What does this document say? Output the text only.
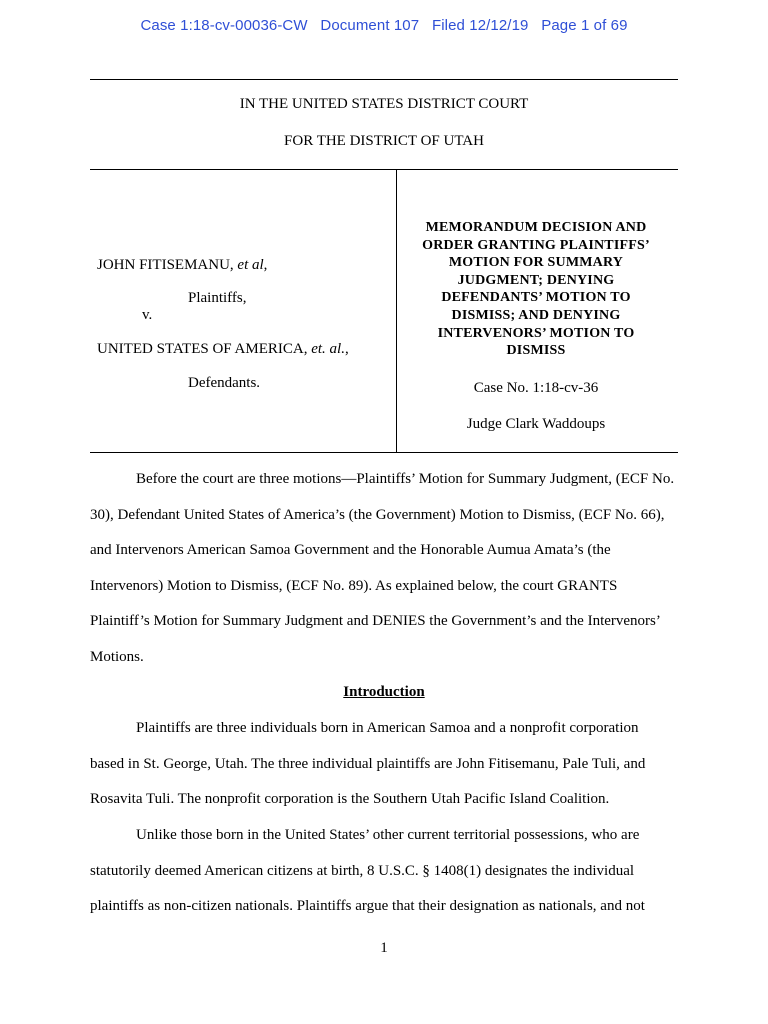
Case 1:18-cv-00036-CW   Document 107   Filed 12/12/19   Page 1 of 69
IN THE UNITED STATES DISTRICT COURT
FOR THE DISTRICT OF UTAH
JOHN FITISEMANU, et al,
Plaintiffs,
v.
UNITED STATES OF AMERICA, et. al.,
Defendants.
MEMORANDUM DECISION AND
ORDER GRANTING PLAINTIFFS’
MOTION FOR SUMMARY
JUDGMENT; DENYING
DEFENDANTS’ MOTION TO
DISMISS; AND DENYING
INTERVENORS’ MOTION TO
DISMISS
Case No. 1:18-cv-36
Judge Clark Waddoups

Before the court are three motions—Plaintiffs’ Motion for Summary Judgment, (ECF No.

30), Defendant United States of America’s (the Government) Motion to Dismiss, (ECF No. 66),

and Intervenors American Samoa Government and the Honorable Aumua Amata’s (the

Intervenors) Motion to Dismiss, (ECF No. 89). As explained below, the court GRANTS

Plaintiff’s Motion for Summary Judgment and DENIES the Government’s and the Intervenors’

Motions.

Introduction

Plaintiffs are three individuals born in American Samoa and a nonprofit corporation

based in St. George, Utah. The three individual plaintiffs are John Fitisemanu, Pale Tuli, and

Rosavita Tuli. The nonprofit corporation is the Southern Utah Pacific Island Coalition.

Unlike those born in the United States’ other current territorial possessions, who are

statutorily deemed American citizens at birth, 8 U.S.C. § 1408(1) designates the individual

plaintiffs as non-citizen nationals. Plaintiffs argue that their designation as nationals, and not

1
